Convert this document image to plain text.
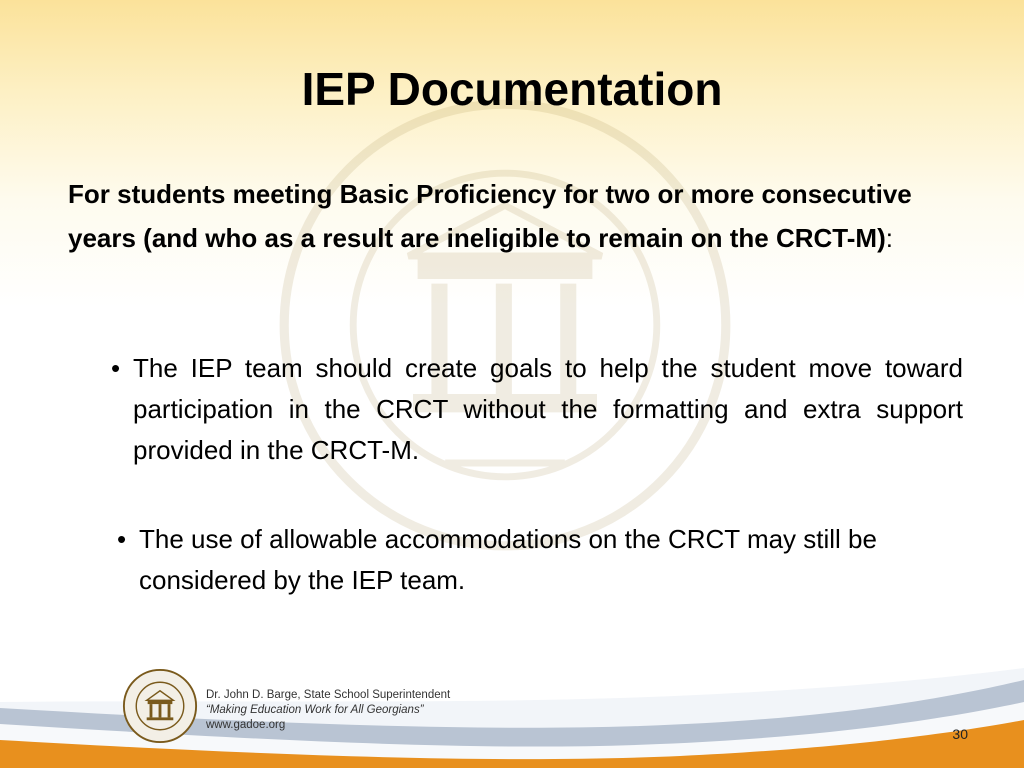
IEP Documentation
For students meeting Basic Proficiency for two or more consecutive years (and who as a result are ineligible to remain on the CRCT-M):
• The IEP team should create goals to help the student move toward participation in the CRCT without the formatting and extra support provided in the CRCT-M.
• The use of allowable accommodations on the CRCT may still be considered by the IEP team.
Dr. John D. Barge, State School Superintendent
“Making Education Work for All Georgians”
www.gadoe.org
30
